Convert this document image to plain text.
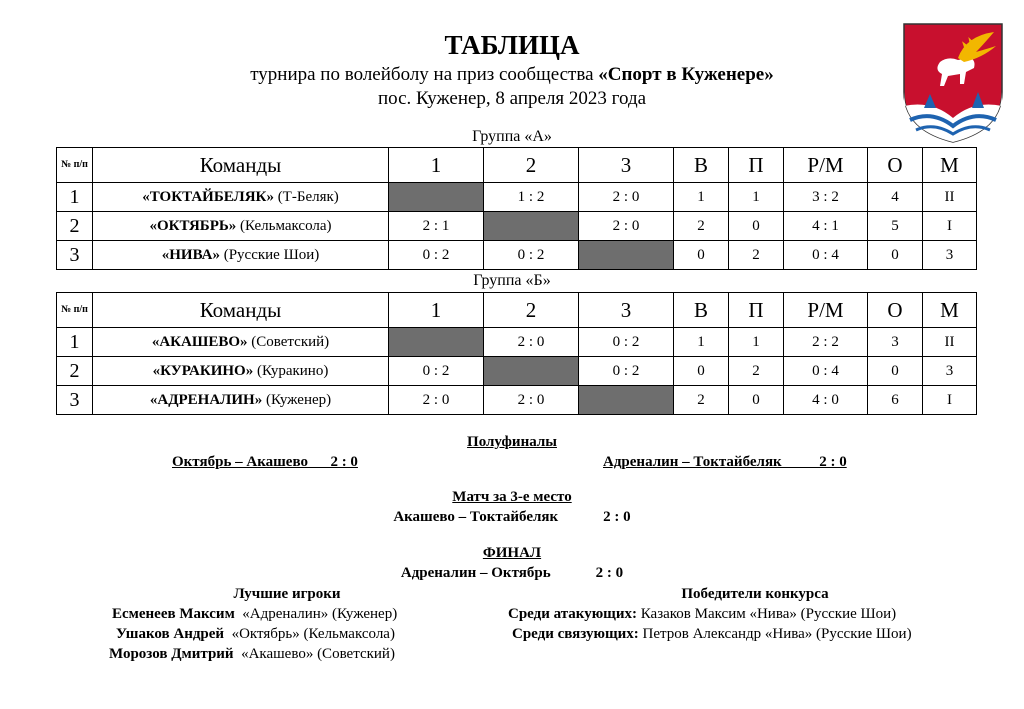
ТАБЛИЦА
турнира по волейболу на приз сообщества «Спорт в Куженере»
пос. Куженер, 8 апреля 2023 года
Группа «А»
№ п/п	Команды	1	2	3	В	П	Р/М	О	М
1	«ТОКТАЙБЕЛЯК» (Т-Беляк)		1 : 2	2 : 0	1	1	3 : 2	4	II
2	«ОКТЯБРЬ» (Кельмаксола)	2 : 1		2 : 0	2	0	4 : 1	5	I
3	«НИВА» (Русские Шои)	0 : 2	0 : 2		0	2	0 : 4	0	3
Группа «Б»
№ п/п	Команды	1	2	3	В	П	Р/М	О	М
1	«АКАШЕВО» (Советский)		2 : 0	0 : 2	1	1	2 : 2	3	II
2	«КУРАКИНО» (Куракино)	0 : 2		0 : 2	0	2	0 : 4	0	3
3	«АДРЕНАЛИН» (Куженер)	2 : 0	2 : 0		2	0	4 : 0	6	I
Полуфиналы
Октябрь – Акашево      2 : 0	Адреналин – Токтайбеляк          2 : 0
Матч за 3-е место
Акашево – Токтайбеляк            2 : 0
ФИНАЛ
Адреналин – Октябрь            2 : 0
Лучшие игроки
Есменеев Максим  «Адреналин» (Куженер)
Ушаков Андрей  «Октябрь» (Кельмаксола)
Морозов Дмитрий  «Акашево» (Советский)
Победители конкурса
Среди атакующих: Казаков Максим «Нива» (Русские Шои)
Среди связующих: Петров Александр «Нива» (Русские Шои)
